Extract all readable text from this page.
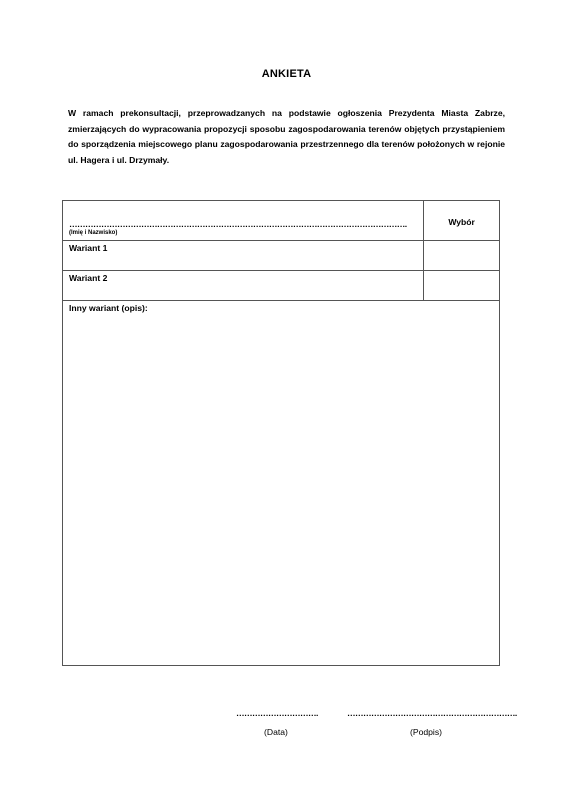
ANKIETA
W ramach prekonsultacji, przeprowadzanych na podstawie ogłoszenia Prezydenta Miasta Zabrze, zmierzających do wypracowania propozycji sposobu zagospodarowania terenów objętych przystąpieniem do sporządzenia miejscowego planu zagospodarowania przestrzennego dla terenów położonych w rejonie ul. Hagera i ul. Drzymały.
……………………………………………………………………………………………………………….
(Imię i Nazwisko)	Wybór

Wariant 1	

Wariant 2	

Inny wariant (opis):	
………………………….
(Data)
……………………………………………………….
(Podpis)
